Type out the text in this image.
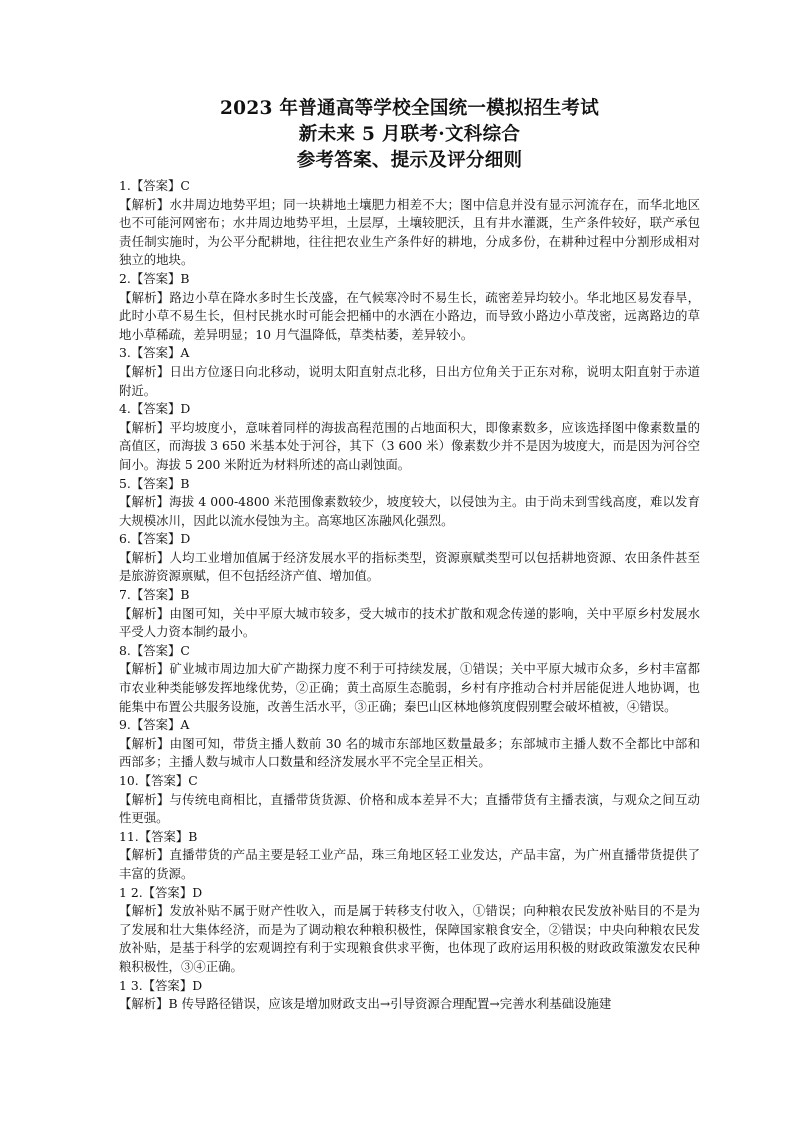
2023 年普通高等学校全国统一模拟招生考试
新未来 5 月联考·文科综合
参考答案、提示及评分细则
1.【答案】C
【解析】水井周边地势平坦；同一块耕地土壤肥力相差不大；图中信息并没有显示河流存在，而华北地区也不可能河网密布；水井周边地势平坦，土层厚，土壤较肥沃，且有井水灌溉，生产条件较好，联产承包责任制实施时，为公平分配耕地，往往把农业生产条件好的耕地，分成多份，在耕种过程中分割形成相对独立的地块。
2.【答案】B
【解析】路边小草在降水多时生长茂盛，在气候寒冷时不易生长，疏密差异均较小。华北地区易发春旱，此时小草不易生长，但村民挑水时可能会把桶中的水洒在小路边，而导致小路边小草茂密，远离路边的草地小草稀疏，差异明显；10 月气温降低，草类枯萎，差异较小。
3.【答案】A
【解析】日出方位逐日向北移动，说明太阳直射点北移，日出方位角关于正东对称，说明太阳直射于赤道附近。
4.【答案】D
【解析】平均坡度小，意味着同样的海拔高程范围的占地面积大，即像素数多，应该选择图中像素数量的高值区，而海拔 3 650 米基本处于河谷，其下（3 600 米）像素数少并不是因为坡度大，而是因为河谷空间小。海拔 5 200 米附近为材料所述的高山剥蚀面。
5.【答案】B
【解析】海拔 4 000-4800 米范围像素数较少，坡度较大，以侵蚀为主。由于尚未到雪线高度，难以发育大规模冰川，因此以流水侵蚀为主。高寒地区冻融风化强烈。
6.【答案】D
【解析】人均工业增加值属于经济发展水平的指标类型，资源禀赋类型可以包括耕地资源、农田条件甚至是旅游资源禀赋，但不包括经济产值、增加值。
7.【答案】B
【解析】由图可知，关中平原大城市较多，受大城市的技术扩散和观念传递的影响，关中平原乡村发展水平受人力资本制约最小。
8.【答案】C
【解析】矿业城市周边加大矿产勘探力度不利于可持续发展，①错误；关中平原大城市众多，乡村丰富都市农业种类能够发挥地缘优势，②正确；黄土高原生态脆弱，乡村有序推动合村并居能促进人地协调，也能集中布置公共服务设施，改善生活水平，③正确；秦巴山区林地修筑度假别墅会破坏植被，④错误。
9.【答案】A
【解析】由图可知，带货主播人数前 30 名的城市东部地区数量最多；东部城市主播人数不全都比中部和西部多；主播人数与城市人口数量和经济发展水平不完全呈正相关。
10.【答案】C
【解析】与传统电商相比，直播带货货源、价格和成本差异不大；直播带货有主播表演，与观众之间互动性更强。
11.【答案】B
【解析】直播带货的产品主要是轻工业产品，珠三角地区轻工业发达，产品丰富，为广州直播带货提供了丰富的货源。
1 2.【答案】D
【解析】发放补贴不属于财产性收入，而是属于转移支付收入，①错误；向种粮农民发放补贴目的不是为了发展和壮大集体经济，而是为了调动粮农种粮积极性，保障国家粮食安全，②错误；中央向种粮农民发放补贴，是基于科学的宏观调控有利于实现粮食供求平衡，也体现了政府运用积极的财政政策激发农民种粮积极性，③④正确。
1 3.【答案】D
【解析】B 传导路径错误，应该是增加财政支出→引导资源合理配置→完善水利基础设施建
